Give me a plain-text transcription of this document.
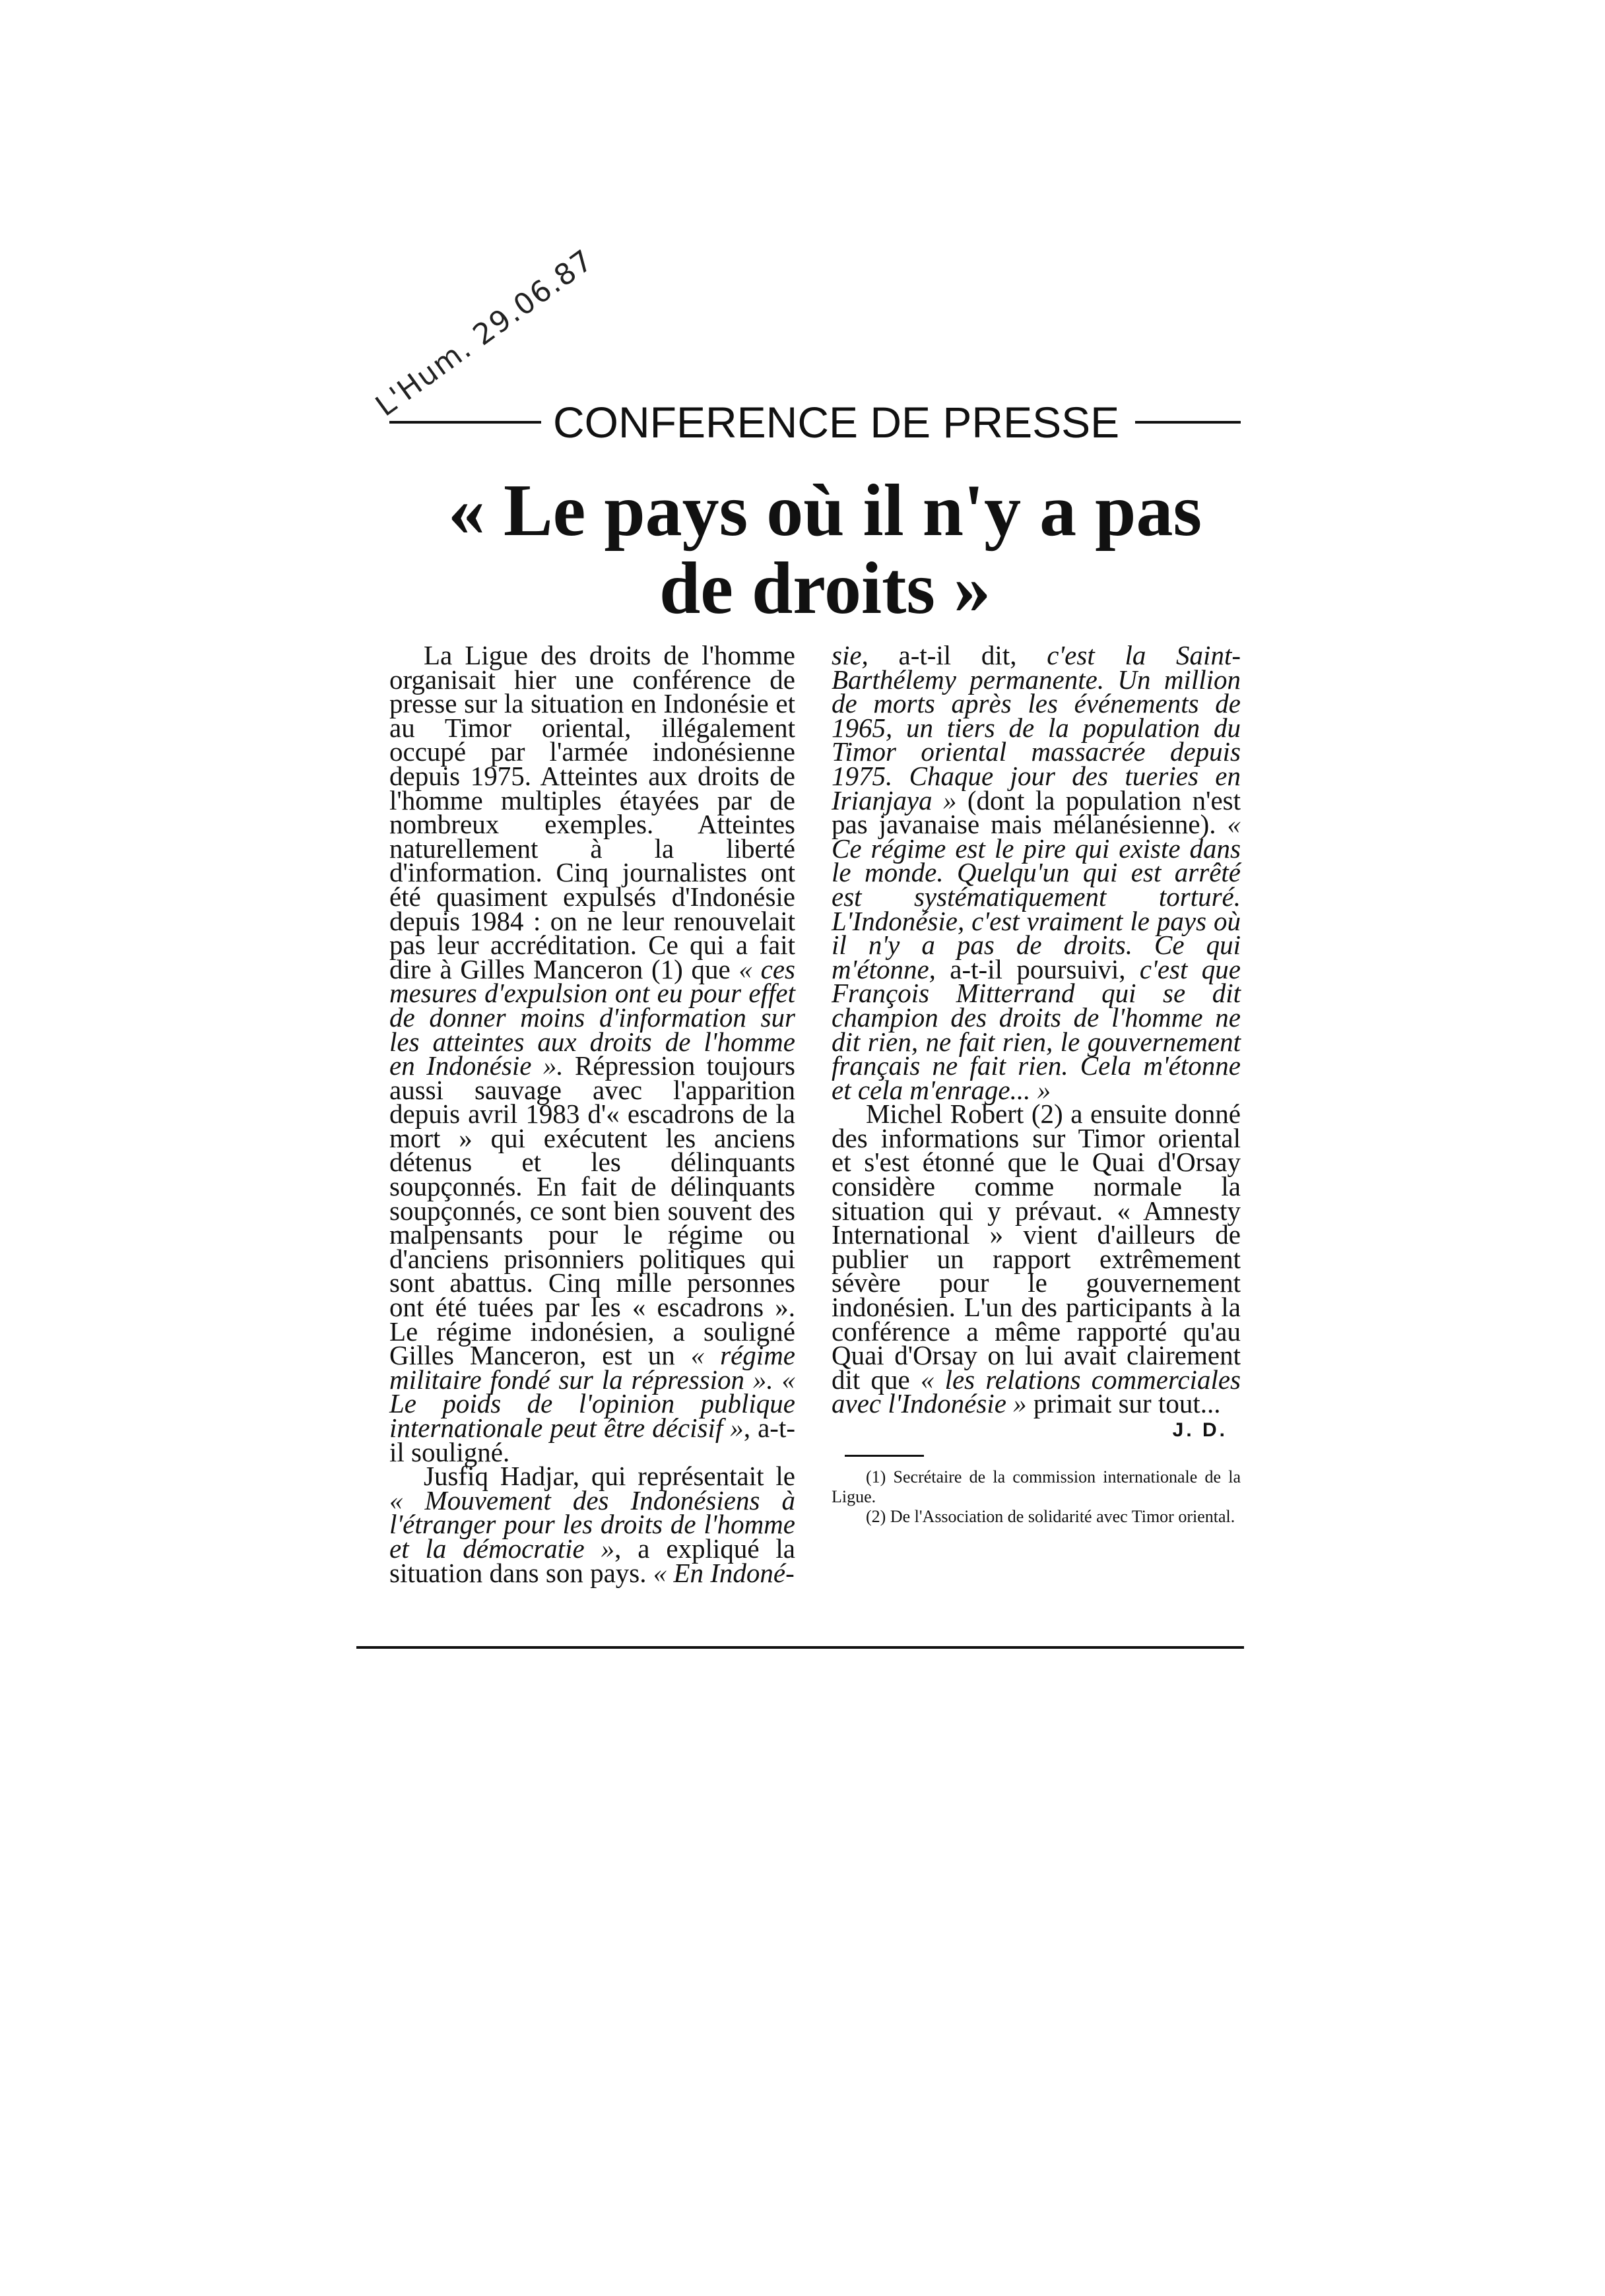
L'Hum. 29.06.87
CONFERENCE DE PRESSE
« Le pays où il n'y a pas de droits »

La Ligue des droits de l'homme organisait hier une conférence de presse sur la situation en Indonésie et au Timor oriental, illégalement occupé par l'armée indonésienne depuis 1975. Atteintes aux droits de l'homme multiples étayées par de nombreux exemples. Atteintes naturellement à la liberté d'information. Cinq journalistes ont été quasiment expulsés d'Indonésie depuis 1984 : on ne leur renouvelait pas leur accréditation. Ce qui a fait dire à Gilles Manceron (1) que « ces mesures d'expulsion ont eu pour effet de donner moins d'information sur les atteintes aux droits de l'homme en Indonésie ». Répression toujours aussi sauvage avec l'apparition depuis avril 1983 d'« escadrons de la mort » qui exécutent les anciens détenus et les délinquants soupçonnés. En fait de délinquants soupçonnés, ce sont bien souvent des malpensants pour le régime ou d'anciens prisonniers politiques qui sont abattus. Cinq mille personnes ont été tuées par les « escadrons ». Le régime indonésien, a souligné Gilles Manceron, est un « régime militaire fondé sur la répression ». « Le poids de l'opinion publique internationale peut être décisif », a-t-il souligné.

Jusfiq Hadjar, qui représentait le « Mouvement des Indonésiens à l'étranger pour les droits de l'homme et la démocratie », a expliqué la situation dans son pays. « En Indoné-

sie, a-t-il dit, c'est la Saint-Barthélemy permanente. Un million de morts après les événements de 1965, un tiers de la population du Timor oriental massacrée depuis 1975. Chaque jour des tueries en Irianjaya » (dont la population n'est pas javanaise mais mélanésienne). « Ce régime est le pire qui existe dans le monde. Quelqu'un qui est arrêté est systématiquement torturé. L'Indonésie, c'est vraiment le pays où il n'y a pas de droits. Ce qui m'étonne, a-t-il poursuivi, c'est que François Mitterrand qui se dit champion des droits de l'homme ne dit rien, ne fait rien, le gouvernement français ne fait rien. Cela m'étonne et cela m'enrage... »

Michel Robert (2) a ensuite donné des informations sur Timor oriental et s'est étonné que le Quai d'Orsay considère comme normale la situation qui y prévaut. « Amnesty International » vient d'ailleurs de publier un rapport extrêmement sévère pour le gouvernement indonésien. L'un des participants à la conférence a même rapporté qu'au Quai d'Orsay on lui avait clairement dit que « les relations commerciales avec l'Indonésie » primait sur tout...

J. D.

(1) Secrétaire de la commission internationale de la Ligue.

(2) De l'Association de solidarité avec Timor oriental.
